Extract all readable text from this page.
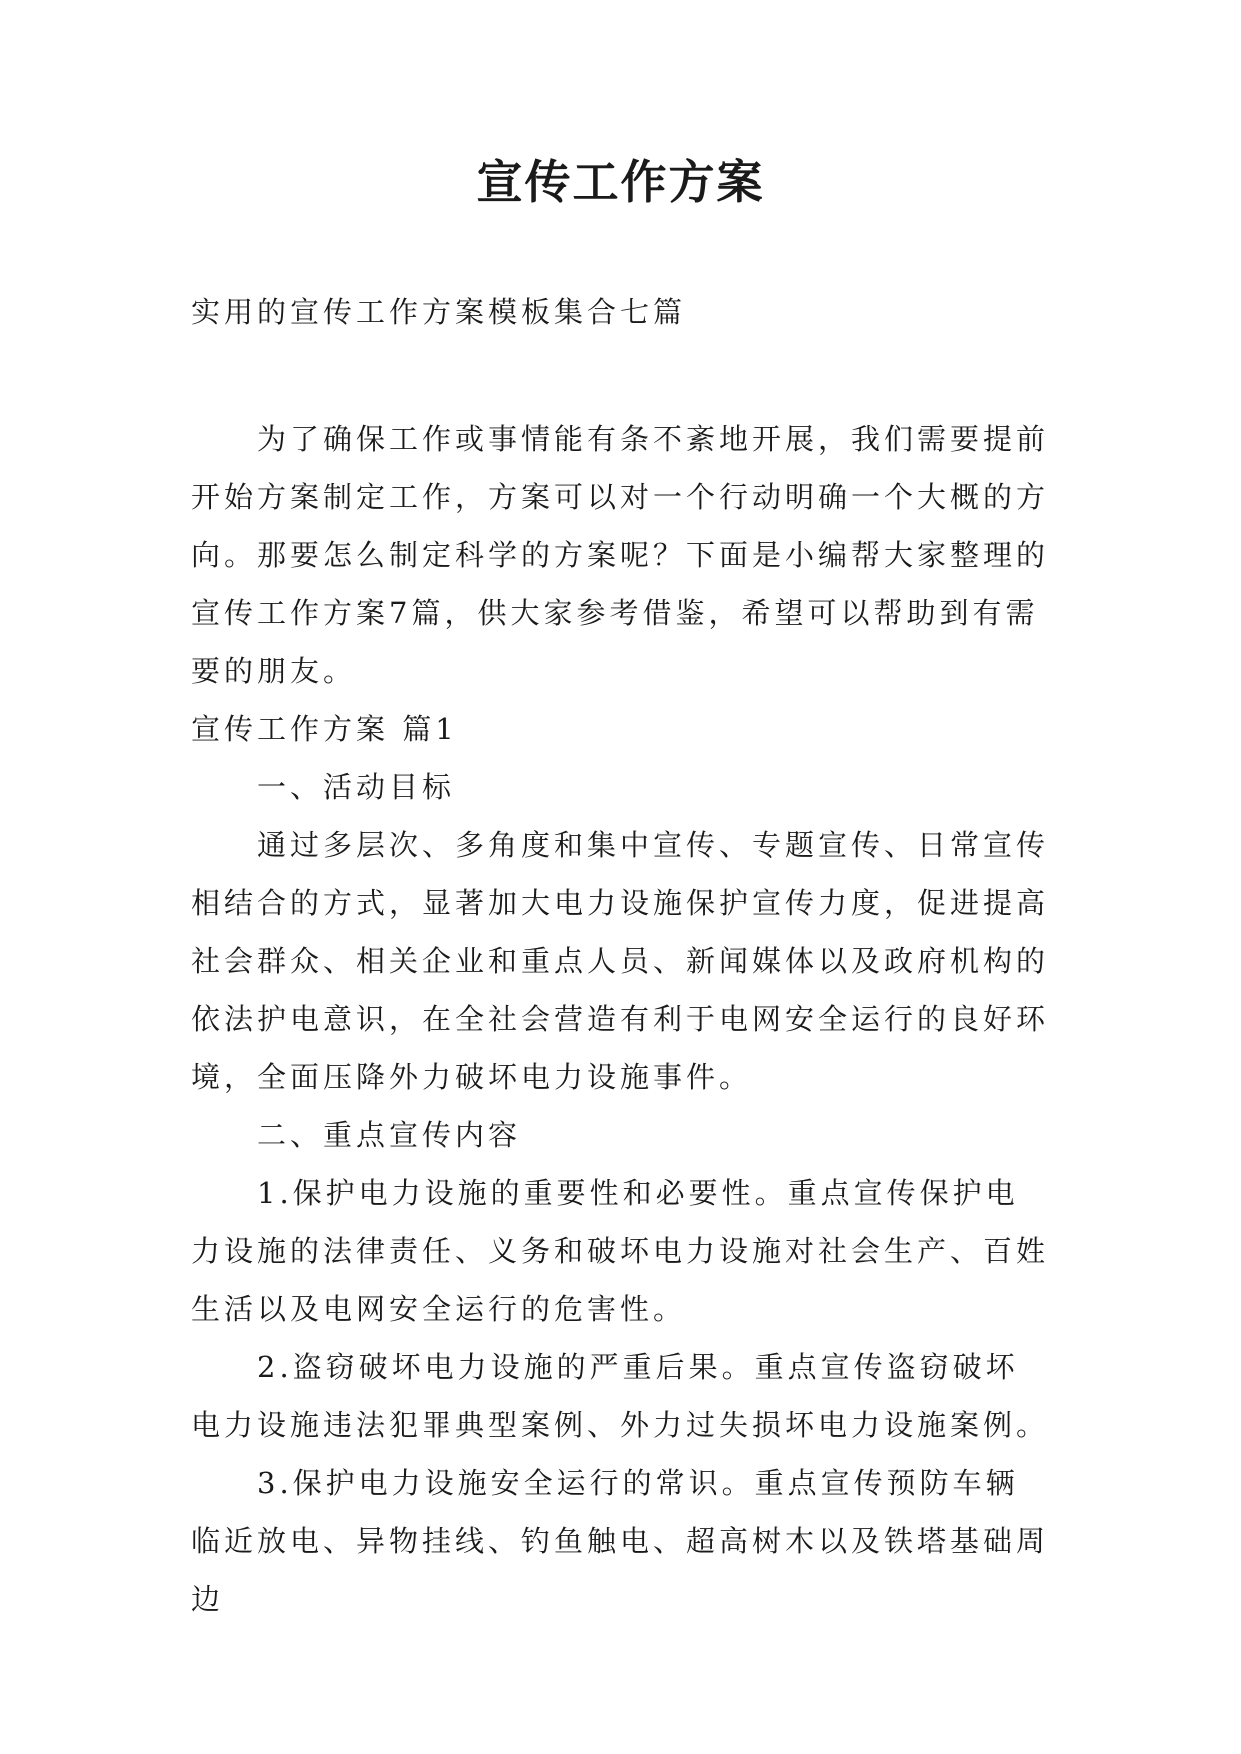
宣传工作方案
实用的宣传工作方案模板集合七篇

为了确保工作或事情能有条不紊地开展，我们需要提前开始方案制定工作，方案可以对一个行动明确一个大概的方向。那要怎么制定科学的方案呢？下面是小编帮大家整理的宣传工作方案7篇，供大家参考借鉴，希望可以帮助到有需要的朋友。

宣传工作方案 篇1

一、活动目标

通过多层次、多角度和集中宣传、专题宣传、日常宣传相结合的方式，显著加大电力设施保护宣传力度，促进提高社会群众、相关企业和重点人员、新闻媒体以及政府机构的依法护电意识，在全社会营造有利于电网安全运行的良好环境，全面压降外力破坏电力设施事件。

二、重点宣传内容

1.保护电力设施的重要性和必要性。重点宣传保护电力设施的法律责任、义务和破坏电力设施对社会生产、百姓生活以及电网安全运行的危害性。

2.盗窃破坏电力设施的严重后果。重点宣传盗窃破坏电力设施违法犯罪典型案例、外力过失损坏电力设施案例。

3.保护电力设施安全运行的常识。重点宣传预防车辆临近放电、异物挂线、钓鱼触电、超高树木以及铁塔基础周边
